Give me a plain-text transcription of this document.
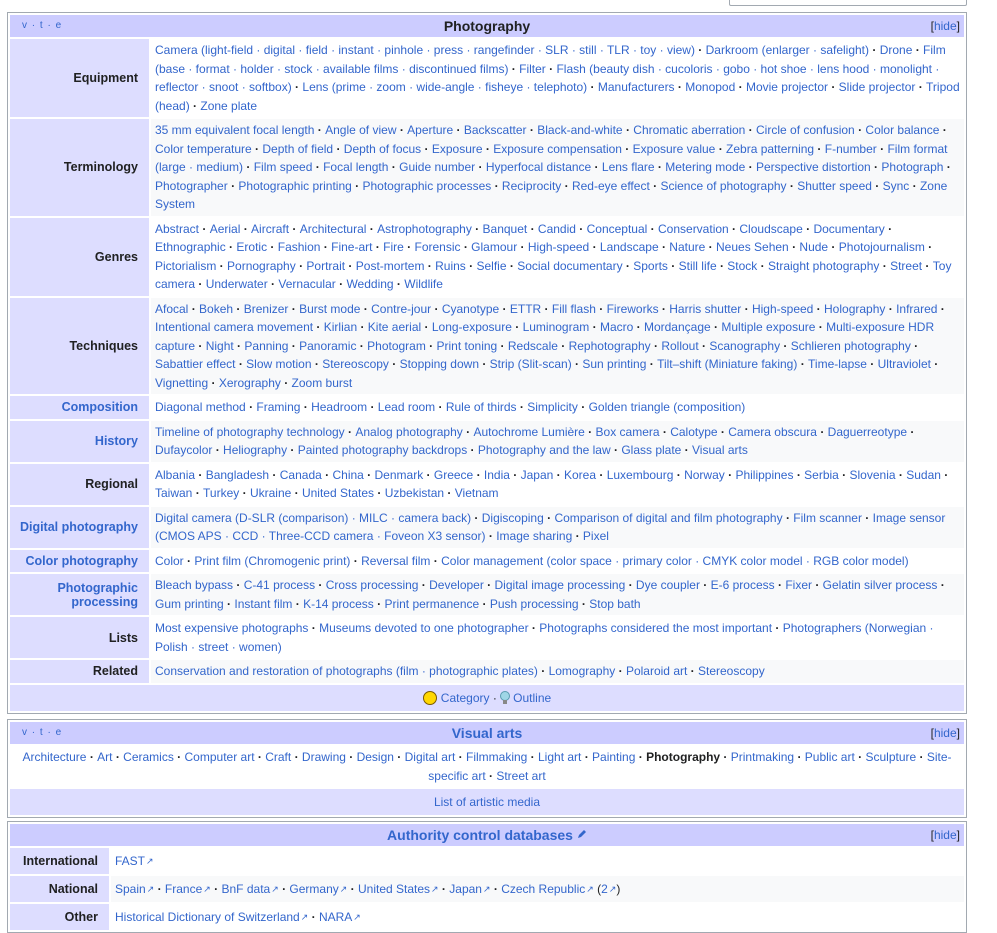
v · t · e Photography [hide]	

Equipment	Camera (light-field · digital · field · instant · pinhole · press · rangefinder · SLR · still · TLR · toy · view) · Darkroom (enlarger · safelight) · Drone · Film (base · format · holder · stock · available films · discontinued films) · Filter · Flash (beauty dish · cucoloris · gobo · hot shoe · lens hood · monolight · reflector · snoot · softbox) · Lens (prime · zoom · wide-angle · fisheye · telephoto) · Manufacturers· Monopod · Movie projector · Slide projector · Tripod (head) · Zone plate
Terminology	35 mm equivalent focal length · Angle of view · Aperture · Backscatter · Black-and-white · Chromatic aberration · Circle of confusion · Color balance· Color temperature · Depth of field · Depth of focus · Exposure · Exposure compensation · Exposure value · Zebra patterning · F-number · Film format (large · medium) · Film speed · Focal length · Guide number · Hyperfocal distance · Lens flare · Metering mode · Perspective distortion · Photograph· Photographer · Photographic printing · Photographic processes · Reciprocity · Red-eye effect · Science of photography· Shutter speed · Sync · Zone System
Genres	Abstract · Aerial · Aircraft · Architectural · Astrophotography · Banquet · Candid · Conceptual · Conservation · Cloudscape · Documentary· Ethnographic · Erotic · Fashion · Fine-art · Fire · Forensic· Glamour · High-speed · Landscape · Nature · Neues Sehen · Nude · Photojournalism· Pictorialism · Pornography · Portrait · Post-mortem · Ruins · Selfie · Social documentary · Sports · Still life · Stock· Straight photography · Street · Toy camera · Underwater · Vernacular · Wedding · Wildlife
Techniques	Afocal · Bokeh · Brenizer · Burst mode · Contre-jour · Cyanotype · ETTR · Fill flash · Fireworks · Harris shutter · High-speed · Holography · Infrared· Intentional camera movement · Kirlian · Kite aerial · Long-exposure · Luminogram · Macro · Mordançage · Multiple exposure · Multi-exposure HDR capture · Night · Panning · Panoramic · Photogram · Print toning · Redscale · Rephotography · Rollout · Scanography· Schlieren photography· Sabattier effect · Slow motion · Stereoscopy · Stopping down · Strip (Slit-scan) · Sun printing· Tilt–shift (Miniature faking) · Time-lapse · Ultraviolet· Vignetting · Xerography · Zoom burst
Composition	Diagonal method · Framing · Headroom · Lead room · Rule of thirds · Simplicity · Golden triangle (composition)
History	Timeline of photography technology · Analog photography · Autochrome Lumière · Box camera · Calotype · Camera obscura · Daguerreotype· Dufaycolor · Heliography · Painted photography backdrops · Photography and the law · Glass plate · Visual arts
Regional	Albania · Bangladesh · Canada · China · Denmark · Greece · India · Japan · Korea · Luxembourg· Norway · Philippines · Serbia · Slovenia · Sudan· Taiwan · Turkey · Ukraine · United States · Uzbekistan · Vietnam
Digital photography	Digital camera (D-SLR (comparison) · MILC · camera back) · Digiscoping · Comparison of digital and film photography · Film scanner · Image sensor (CMOS APS · CCD · Three-CCD camera · Foveon X3 sensor) · Image sharing · Pixel
Color photography	Color · Print film (Chromogenic print) · Reversal film · Color management (color space · primary color · CMYK color model · RGB color model)
Photographic processing	Bleach bypass · C-41 process · Cross processing · Developer · Digital image processing · Dye coupler · E-6 process · Fixer · Gelatin silver process· Gum printing · Instant film · K-14 process · Print permanence · Push processing· Stop bath
Lists	Most expensive photographs · Museums devoted to one photographer · Photographs considered the most important · Photographers (Norwegian · Polish · street · women)
Related	Conservation and restoration of photographs (film · photographic plates) · Lomography · Polaroid art · Stereoscopy
Category · Outline	
v · t · e	Visual arts	[hide]

Architecture · Art · Ceramics · Computer art · Craft · Drawing · Design · Digital art · Filmmaking · Light art · Painting· Photography · Printmaking · Public art · Sculpture · Site-specific art · Street art
List of artistic media
Authority control databases [hide]	

International	FAST ↗
National	Spain ↗ · France ↗ · BnF data ↗ · Germany ↗ · United States ↗ · Japan ↗ · Czech Republic ↗ (2 ↗ )
Other	Historical Dictionary of Switzerland ↗ · NARA ↗
